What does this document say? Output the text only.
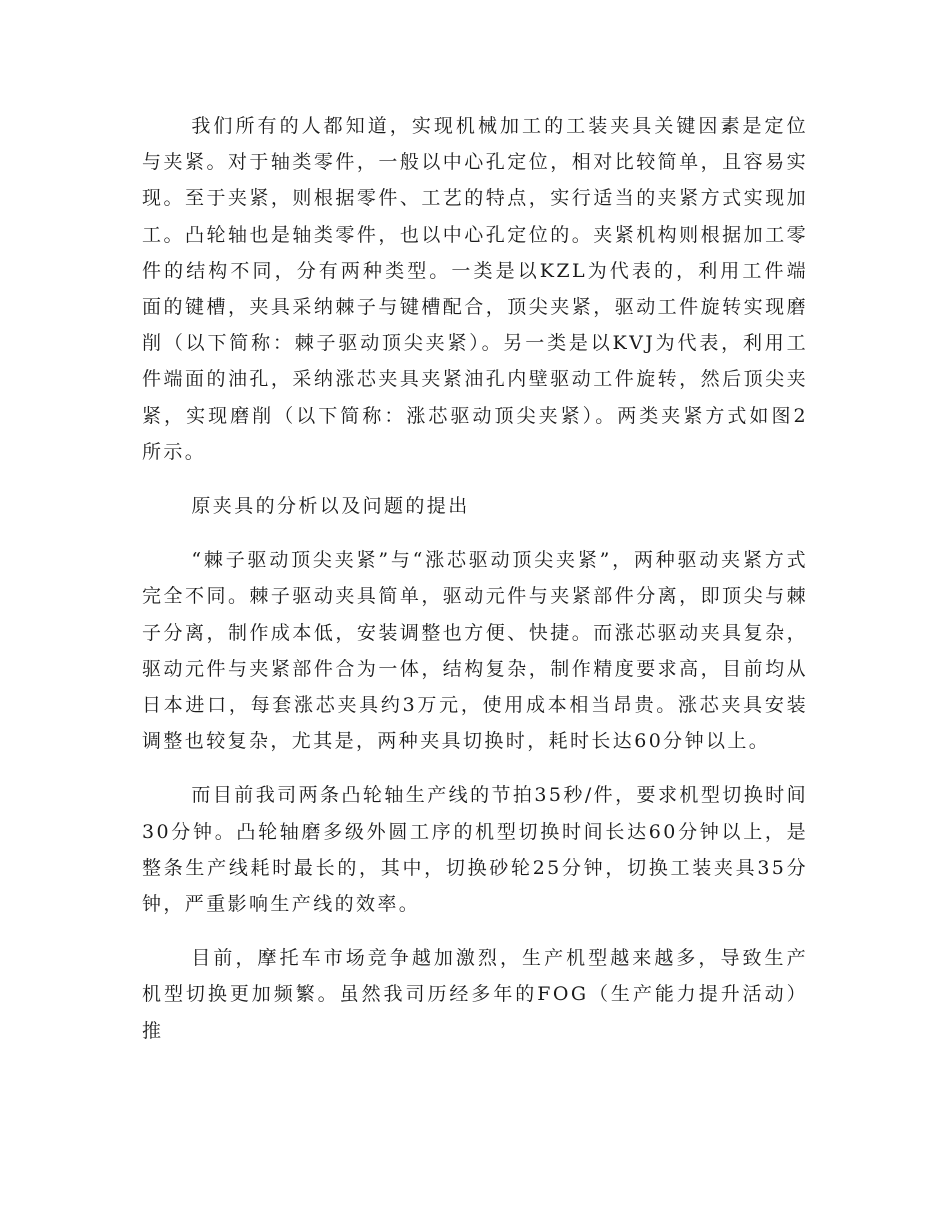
我们所有的人都知道，实现机械加工的工装夹具关键因素是定位与夹紧。对于轴类零件，一般以中心孔定位，相对比较简单，且容易实现。至于夹紧，则根据零件、工艺的特点，实行适当的夹紧方式实现加工。凸轮轴也是轴类零件，也以中心孔定位的。夹紧机构则根据加工零件的结构不同，分有两种类型。一类是以KZL为代表的，利用工件端面的键槽，夹具采纳棘子与键槽配合，顶尖夹紧，驱动工件旋转实现磨削（以下简称：棘子驱动顶尖夹紧）。另一类是以KVJ为代表，利用工件端面的油孔，采纳涨芯夹具夹紧油孔内壁驱动工件旋转，然后顶尖夹紧，实现磨削（以下简称：涨芯驱动顶尖夹紧）。两类夹紧方式如图2所示。

原夹具的分析以及问题的提出

“棘子驱动顶尖夹紧”与“涨芯驱动顶尖夹紧”，两种驱动夹紧方式完全不同。棘子驱动夹具简单，驱动元件与夹紧部件分离，即顶尖与棘子分离，制作成本低，安装调整也方便、快捷。而涨芯驱动夹具复杂，驱动元件与夹紧部件合为一体，结构复杂，制作精度要求高，目前均从日本进口，每套涨芯夹具约3万元，使用成本相当昂贵。涨芯夹具安装调整也较复杂，尤其是，两种夹具切换时，耗时长达60分钟以上。

而目前我司两条凸轮轴生产线的节拍35秒/件，要求机型切换时间30分钟。凸轮轴磨多级外圆工序的机型切换时间长达60分钟以上，是整条生产线耗时最长的，其中，切换砂轮25分钟，切换工装夹具35分钟，严重影响生产线的效率。

目前，摩托车市场竞争越加激烈，生产机型越来越多，导致生产机型切换更加频繁。虽然我司历经多年的FOG（生产能力提升活动）推
